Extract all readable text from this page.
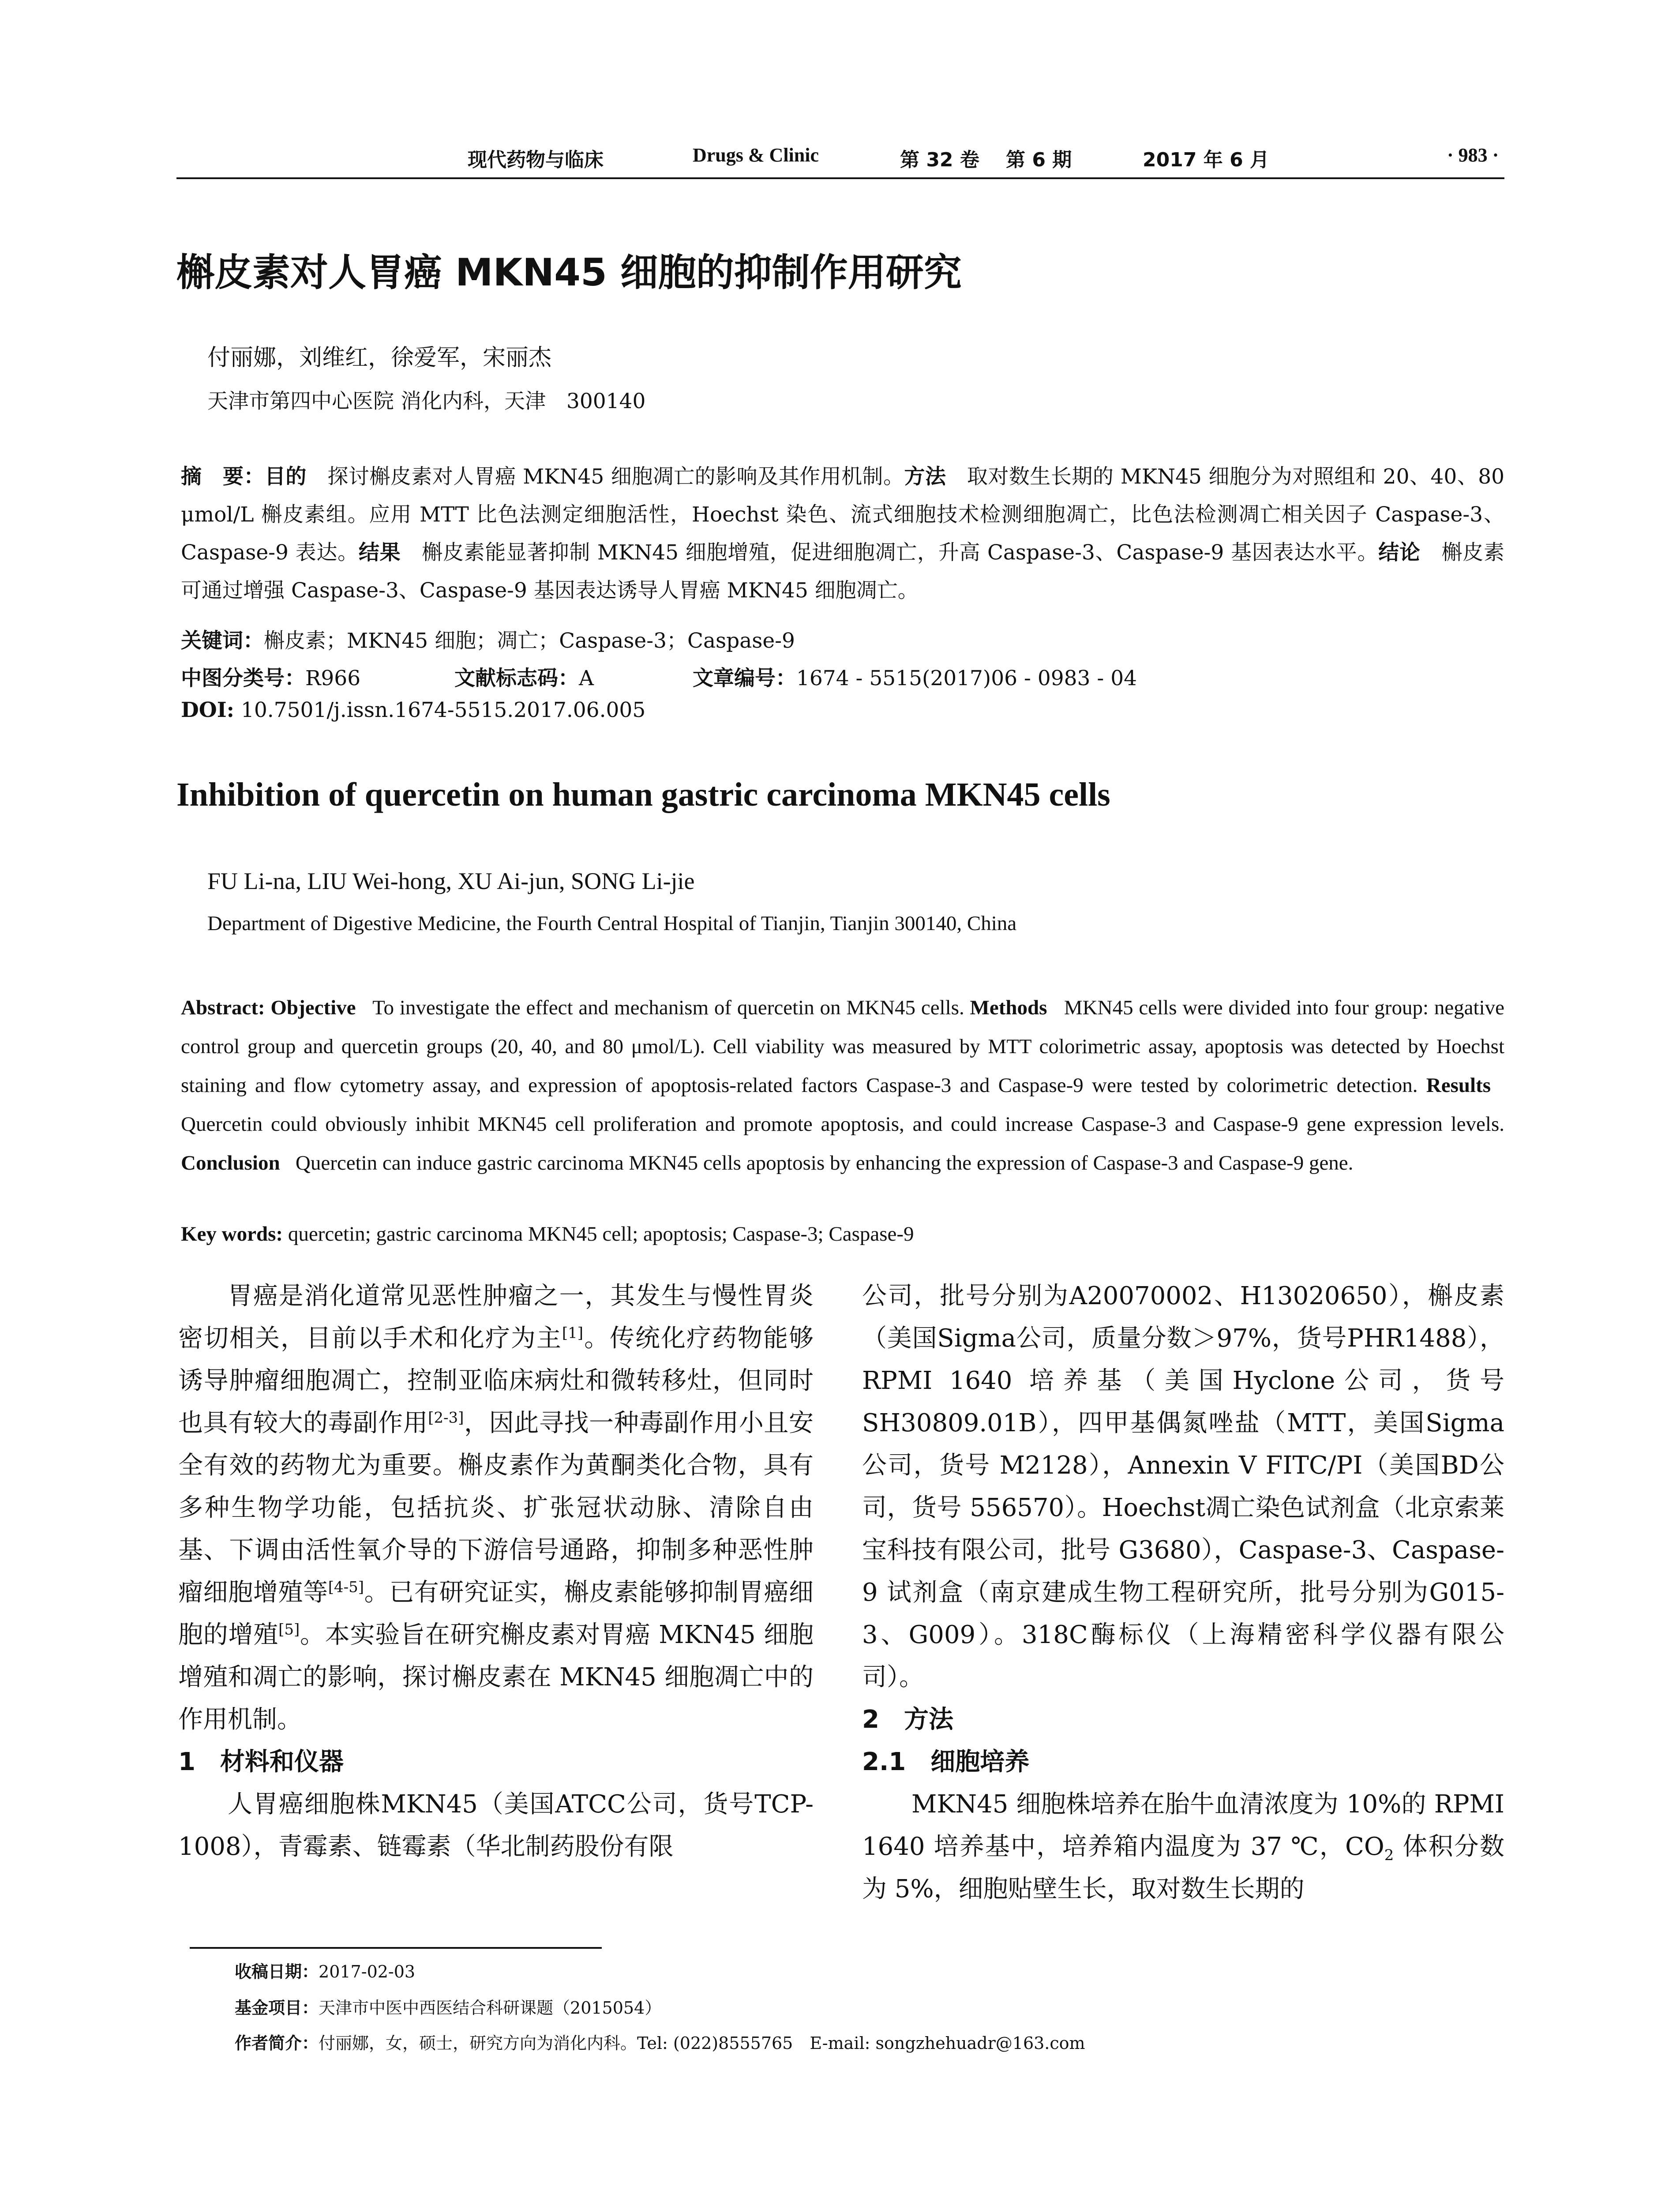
现代药物与临床	Drugs & Clinic	第 32 卷 第 6 期	2017 年 6 月	· 983 ·
槲皮素对人胃癌 MKN45 细胞的抑制作用研究
付丽娜，刘维红，徐爱军，宋丽杰
天津市第四中心医院 消化内科，天津　300140
摘　要：目的　 探讨槲皮素对人胃癌 MKN45 细胞凋亡的影响及其作用机制。方法　 取对数生长期的 MKN45 细胞分为对照组和 20、40、80 μmol/L 槲皮素组。应用 MTT 比色法测定细胞活性，Hoechst 染色、流式细胞技术检测细胞凋亡，比色法检测凋亡相关因子 Caspase-3、Caspase-9 表达。结果　 槲皮素能显著抑制 MKN45 细胞增殖，促进细胞凋亡，升高 Caspase-3、Caspase-9 基因表达水平。结论　 槲皮素可通过增强 Caspase-3、Caspase-9 基因表达诱导人胃癌 MKN45 细胞凋亡。
关键词：槲皮素；MKN45 细胞；凋亡；Caspase-3；Caspase-9
中图分类号：R966	文献标志码：A	文章编号：1674 - 5515(2017)06 - 0983 - 04
DOI: 10.7501/j.issn.1674-5515.2017.06.005
Inhibition of quercetin on human gastric carcinoma MKN45 cells
FU Li-na, LIU Wei-hong, XU Ai-jun, SONG Li-jie
Department of Digestive Medicine, the Fourth Central Hospital of Tianjin, Tianjin 300140, China
Abstract: Objective To investigate the effect and mechanism of quercetin on MKN45 cells. Methods MKN45 cells were divided into four group: negative control group and quercetin groups (20, 40, and 80 μmol/L). Cell viability was measured by MTT colorimetric assay, apoptosis was detected by Hoechst staining and flow cytometry assay, and expression of apoptosis-related factors Caspase-3 and Caspase-9 were tested by colorimetric detection. Results   Quercetin could obviously inhibit MKN45 cell proliferation and promote apoptosis, and could increase Caspase-3 and Caspase-9 gene expression levels. Conclusion Quercetin can induce gastric carcinoma MKN45 cells apoptosis by enhancing the expression of Caspase-3 and Caspase-9 gene.
Key words: quercetin; gastric carcinoma MKN45 cell; apoptosis; Caspase-3; Caspase-9

胃癌是消化道常见恶性肿瘤之一，其发生与慢性胃炎密切相关，目前以手术和化疗为主[1]。传统化疗药物能够诱导肿瘤细胞凋亡，控制亚临床病灶和微转移灶，但同时也具有较大的毒副作用[2-3]，因此寻找一种毒副作用小且安全有效的药物尤为重要。槲皮素作为黄酮类化合物，具有多种生物学功能，包括抗炎、扩张冠状动脉、清除自由基、下调由活性氧介导的下游信号通路，抑制多种恶性肿瘤细胞增殖等[4-5]。已有研究证实，槲皮素能够抑制胃癌细胞的增殖[5]。本实验旨在研究槲皮素对胃癌 MKN45 细胞增殖和凋亡的影响，探讨槲皮素在 MKN45 细胞凋亡中的作用机制。

1　材料和仪器

人胃癌细胞株MKN45（美国ATCC公司，货号TCP-1008），青霉素、链霉素（华北制药股份有限

公司，批号分别为A20070002、H13020650），槲皮素（美国Sigma公司，质量分数＞97%，货号PHR1488），RPMI 1640 培养基（美国Hyclone公司，货号SH30809.01B），四甲基偶氮唑盐（MTT，美国Sigma公司，货号 M2128），Annexin V FITC/PI（美国BD公司，货号 556570）。Hoechst凋亡染色试剂盒（北京索莱宝科技有限公司，批号 G3680），Caspase-3、Caspase-9 试剂盒（南京建成生物工程研究所，批号分别为G015-3、G009）。318C酶标仪（上海精密科学仪器有限公司）。

2　方法
2.1　细胞培养

MKN45 细胞株培养在胎牛血清浓度为 10%的 RPMI 1640 培养基中，培养箱内温度为 37 ℃，$CO_2$ 体积分数为 5%，细胞贴壁生长，取对数生长期的

收稿日期：2017-02-03
基金项目：天津市中医中西医结合科研课题（2015054）
作者简介：付丽娜，女，硕士，研究方向为消化内科。Tel: (022)8555765　E-mail: songzhehuadr@163.com
